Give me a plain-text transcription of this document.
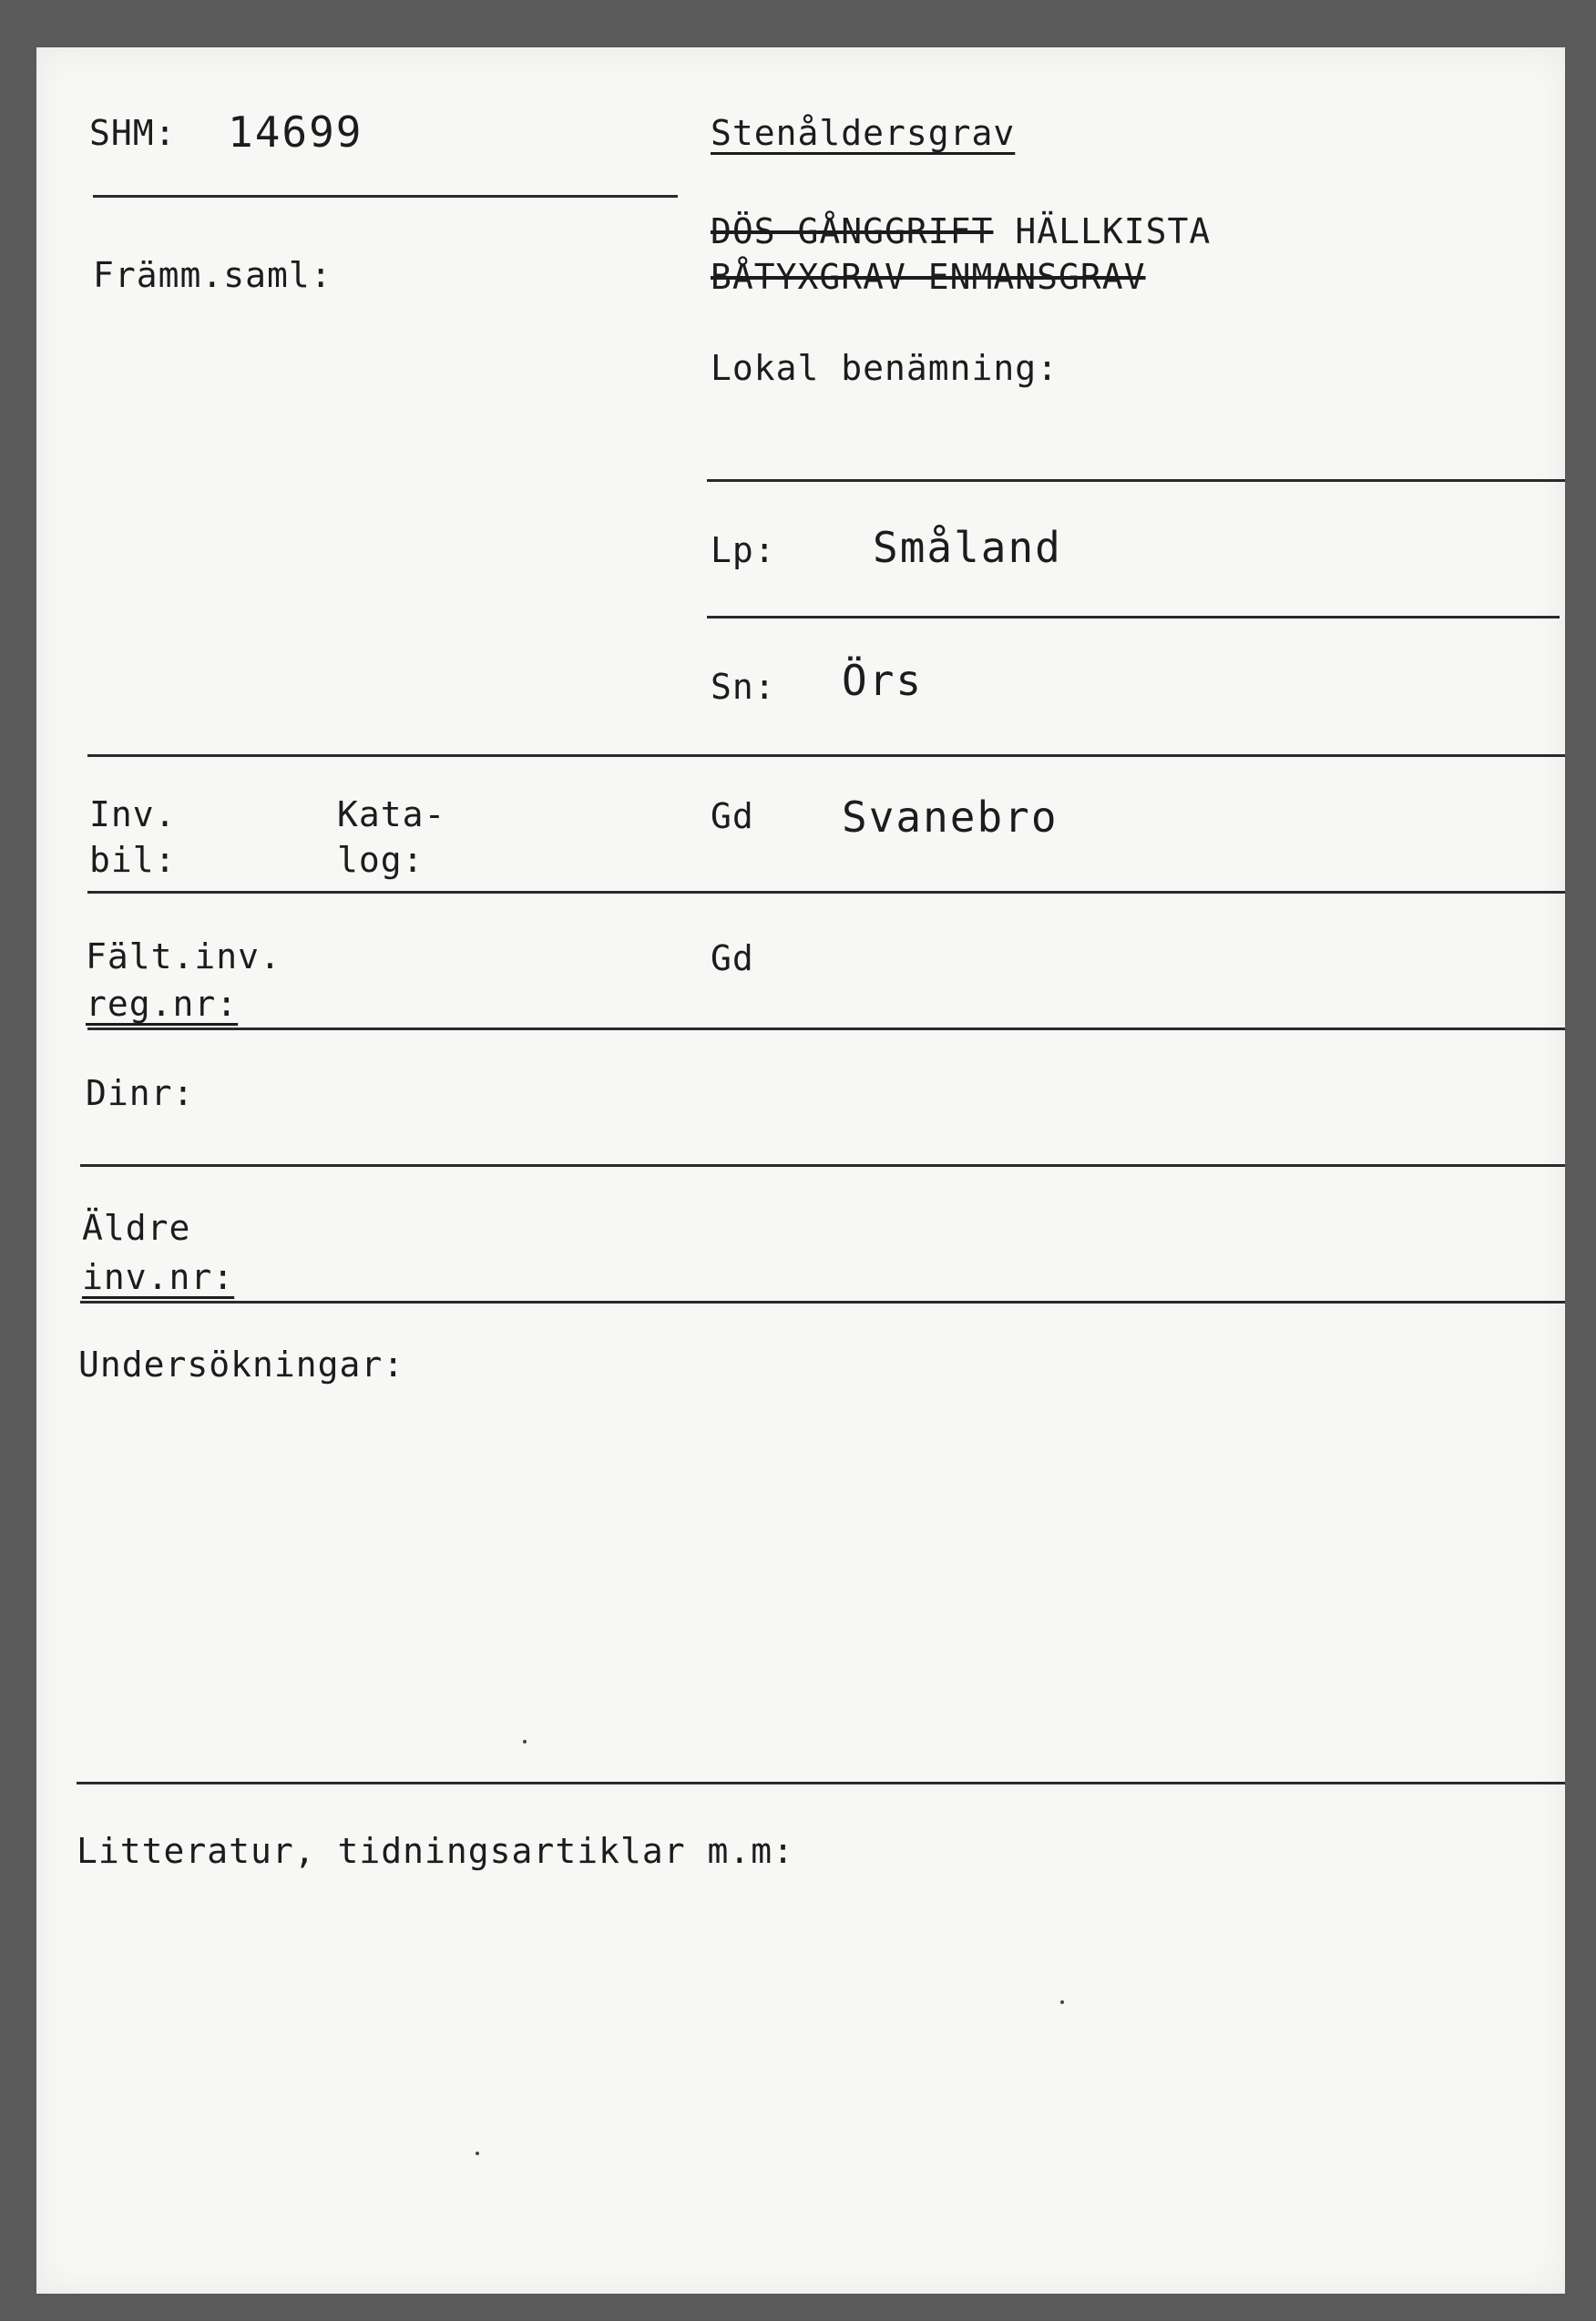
SHM: 14699
Främm.saml:
Stenåldersgrav
DÖS GÅNGGRIFT HÄLLKISTA
BÅTYXGRAV ENMANSGRAV
Lokal benämning:
Lp: Småland
Sn: Örs
Inv.
bil:
Kata-
log:
Gd Svanebro
Fält.inv.
reg.nr:
Gd
Dinr:
Äldre
inv.nr:
Undersökningar:
Litteratur, tidningsartiklar m.m:
